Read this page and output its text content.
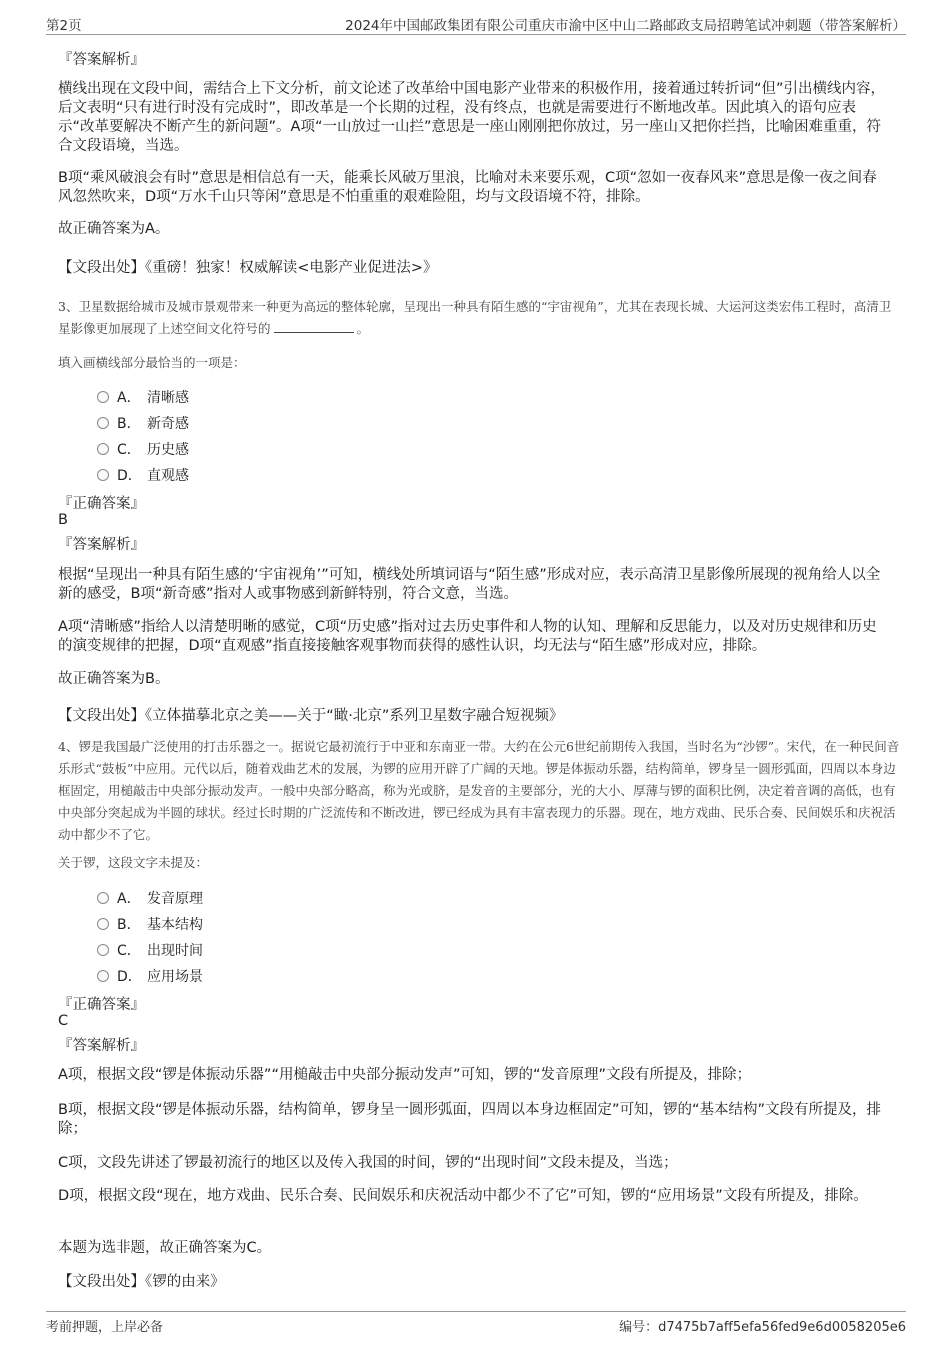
第2页	2024年中国邮政集团有限公司重庆市渝中区中山二路邮政支局招聘笔试冲刺题（带答案解析）
『答案解析』
横线出现在文段中间，需结合上下文分析，前文论述了改革给中国电影产业带来的积极作用，接着通过转折词“但”引出横线内容，后文表明“只有进行时没有完成时”，即改革是一个长期的过程，没有终点，也就是需要进行不断地改革。因此填入的语句应表示“改革要解决不断产生的新问题”。A项“一山放过一山拦”意思是一座山刚刚把你放过，另一座山又把你拦挡，比喻困难重重，符合文段语境，当选。
B项“乘风破浪会有时”意思是相信总有一天，能乘长风破万里浪，比喻对未来要乐观，C项“忽如一夜春风来”意思是像一夜之间春风忽然吹来，D项“万水千山只等闲”意思是不怕重重的艰难险阻，均与文段语境不符，排除。
故正确答案为A。
【文段出处】《重磅！独家！权威解读<电影产业促进法>》
3、卫星数据给城市及城市景观带来一种更为高远的整体轮廓，呈现出一种具有陌生感的“宇宙视角”，尤其在表现长城、大运河这类宏伟工程时，高清卫星影像更加展现了上述空间文化符号的	。
填入画横线部分最恰当的一项是：
A． 清晰感
B． 新奇感
C． 历史感
D． 直观感
『正确答案』
B
『答案解析』
根据“呈现出一种具有陌生感的‘宇宙视角’”可知，横线处所填词语与“陌生感”形成对应，表示高清卫星影像所展现的视角给人以全新的感受，B项“新奇感”指对人或事物感到新鲜特别，符合文意，当选。
A项“清晰感”指给人以清楚明晰的感觉，C项“历史感”指对过去历史事件和人物的认知、理解和反思能力，以及对历史规律和历史的演变规律的把握，D项“直观感”指直接接触客观事物而获得的感性认识，均无法与“陌生感”形成对应，排除。
故正确答案为B。
【文段出处】《立体描摹北京之美——关于“瞰·北京”系列卫星数字融合短视频》
4、锣是我国最广泛使用的打击乐器之一。据说它最初流行于中亚和东南亚一带。大约在公元6世纪前期传入我国，当时名为“沙锣”。宋代，在一种民间音乐形式“鼓板”中应用。元代以后，随着戏曲艺术的发展，为锣的应用开辟了广阔的天地。锣是体振动乐器，结构简单，锣身呈一圆形弧面，四周以本身边框固定，用槌敲击中央部分振动发声。一般中央部分略高，称为光或脐，是发音的主要部分，光的大小、厚薄与锣的面积比例，决定着音调的高低，也有中央部分突起成为半圆的球状。经过长时期的广泛流传和不断改进，锣已经成为具有丰富表现力的乐器。现在，地方戏曲、民乐合奏、民间娱乐和庆祝活动中都少不了它。
关于锣，这段文字未提及：
A． 发音原理
B． 基本结构
C． 出现时间
D． 应用场景
『正确答案』
C
『答案解析』
A项，根据文段“锣是体振动乐器”“用槌敲击中央部分振动发声”可知，锣的“发音原理”文段有所提及，排除；
B项，根据文段“锣是体振动乐器，结构简单，锣身呈一圆形弧面，四周以本身边框固定”可知，锣的“基本结构”文段有所提及，排除；
C项，文段先讲述了锣最初流行的地区以及传入我国的时间，锣的“出现时间”文段未提及，当选；
D项，根据文段“现在，地方戏曲、民乐合奏、民间娱乐和庆祝活动中都少不了它”可知，锣的“应用场景”文段有所提及，排除。
本题为选非题，故正确答案为C。
【文段出处】《锣的由来》
考前押题，上岸必备	编号：d7475b7aff5efa56fed9e6d0058205e6
